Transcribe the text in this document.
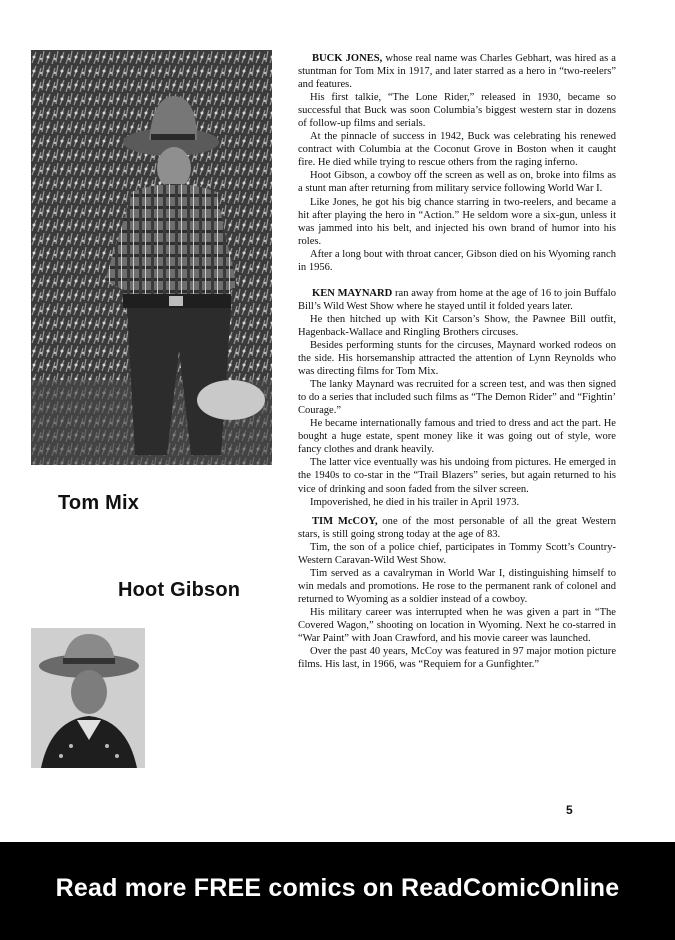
Tom Mix
Hoot Gibson

BUCK JONES, whose real name was Charles Gebhart, was hired as a stuntman for Tom Mix in 1917, and later starred as a hero in “two-reelers” and features.

His first talkie, “The Lone Rider,” released in 1930, became so successful that Buck was soon Columbia’s biggest western star in dozens of follow-up films and serials.

At the pinnacle of success in 1942, Buck was celebrating his renewed contract with Columbia at the Coconut Grove in Boston when it caught fire. He died while trying to rescue others from the raging inferno.

Hoot Gibson, a cowboy off the screen as well as on, broke into films as a stunt man after returning from military service following World War I.

Like Jones, he got his big chance starring in two-reelers, and became a hit after playing the hero in “Action.” He seldom wore a six-gun, unless it was jammed into his belt, and injected his own brand of humor into his roles.

After a long bout with throat cancer, Gibson died on his Wyoming ranch in 1956.

KEN MAYNARD ran away from home at the age of 16 to join Buffalo Bill’s Wild West Show where he stayed until it folded years later.

He then hitched up with Kit Carson’s Show, the Pawnee Bill outfit, Hagenback-Wallace and Ringling Brothers circuses.

Besides performing stunts for the circuses, Maynard worked rodeos on the side. His horsemanship attracted the attention of Lynn Reynolds who was directing films for Tom Mix.

The lanky Maynard was recruited for a screen test, and was then signed to do a series that included such films as “The Demon Rider” and “Fightin’ Courage.”

He became internationally famous and tried to dress and act the part. He bought a huge estate, spent money like it was going out of style, wore fancy clothes and drank heavily.

The latter vice eventually was his undoing from pictures. He emerged in the 1940s to co-star in the “Trail Blazers” series, but again returned to his vice of drinking and soon faded from the silver screen.

Impoverished, he died in his trailer in April 1973.

TIM McCOY, one of the most personable of all the great Western stars, is still going strong today at the age of 83.

Tim, the son of a police chief, participates in Tommy Scott’s Country-Western Caravan-Wild West Show.

Tim served as a cavalryman in World War I, distinguishing himself to win medals and promotions. He rose to the permanent rank of colonel and returned to Wyoming as a soldier instead of a cowboy.

His military career was interrupted when he was given a part in “The Covered Wagon,” shooting on location in Wyoming. Next he co-starred in “War Paint” with Joan Crawford, and his movie career was launched.

Over the past 40 years, McCoy was featured in 97 major motion picture films. His last, in 1966, was “Requiem for a Gunfighter.”

5
Read more FREE comics on ReadComicOnline
